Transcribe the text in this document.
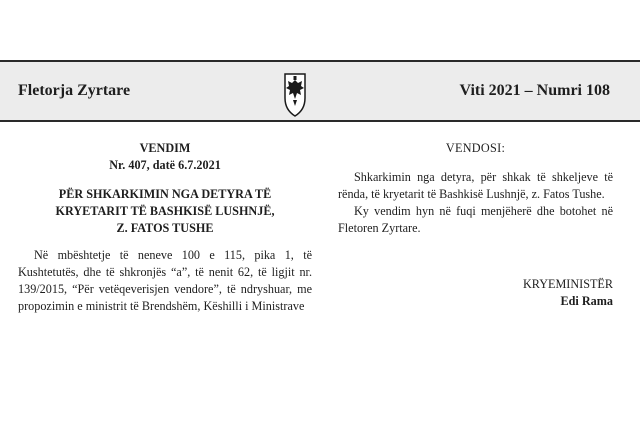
Fletorja Zyrtare	Viti 2021 – Numri 108
VENDIM
Nr. 407, datë 6.7.2021
PËR SHKARKIMIN NGA DETYRA TË
KRYETARIT TË BASHKISË LUSHNJË,
Z. FATOS TUSHE
Në mbështetje të neneve 100 e 115, pika 1, të Kushtetutës, dhe të shkronjës “a”, të nenit 62, të ligjit nr. 139/2015, “Për vetëqeverisjen vendore”, të ndryshuar, me propozimin e ministrit të Brendshëm, Këshilli i Ministrave
VENDOSI:
Shkarkimin nga detyra, për shkak të shkeljeve të rënda, të kryetarit të Bashkisë Lushnjë, z. Fatos Tushe.
Ky vendim hyn në fuqi menjëherë dhe botohet në Fletoren Zyrtare.
KRYEMINISTËR
Edi Rama
